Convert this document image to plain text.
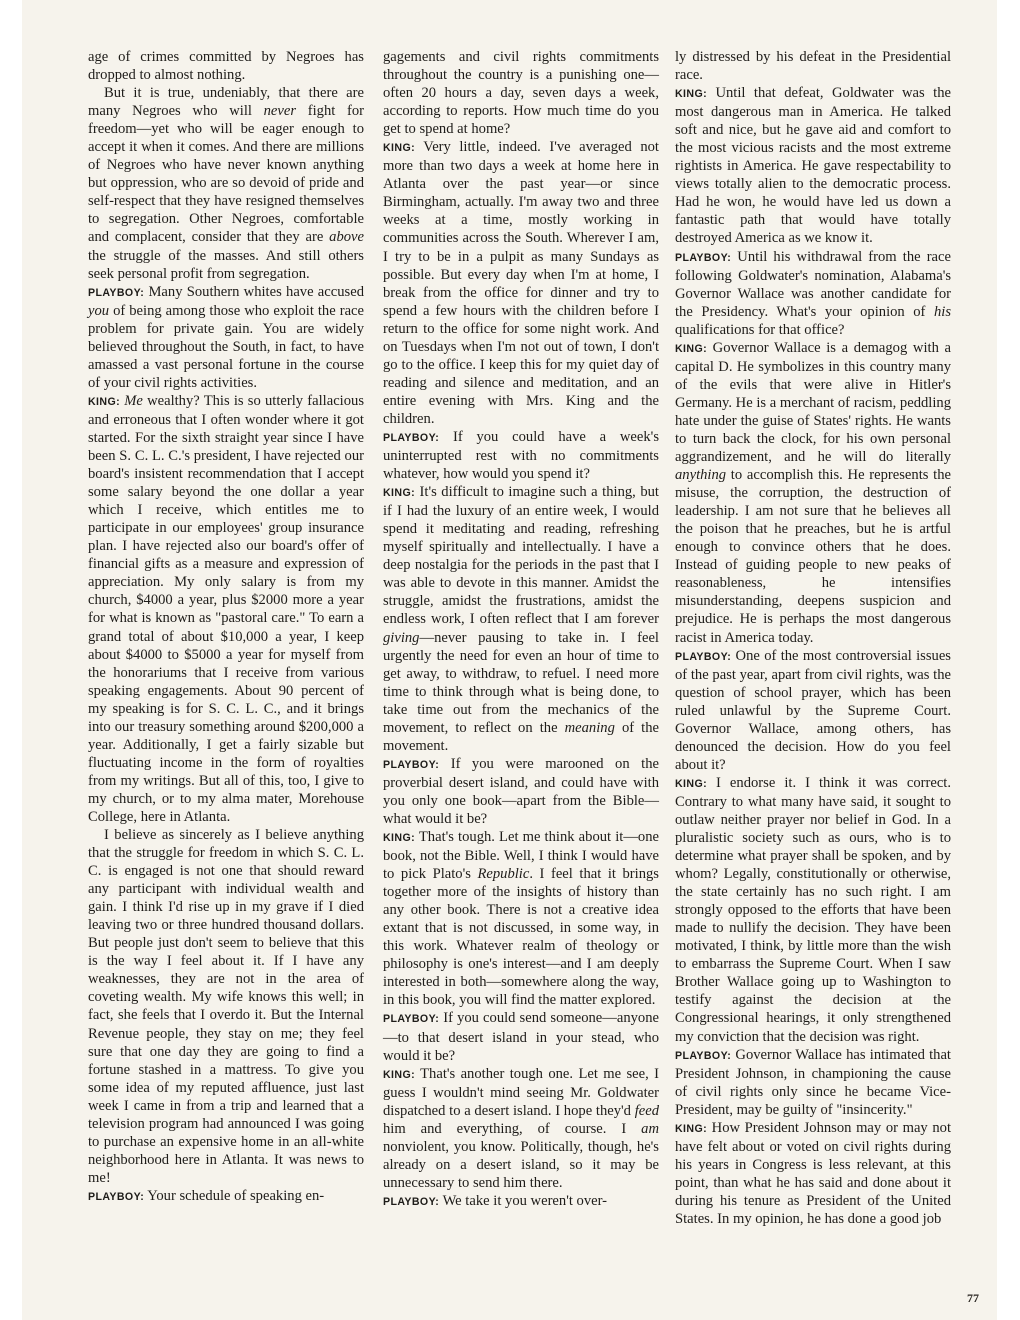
age of crimes committed by Negroes has dropped to almost nothing.

But it is true, undeniably, that there are many Negroes who will never fight for freedom—yet who will be eager enough to accept it when it comes. And there are millions of Negroes who have never known anything but oppression, who are so devoid of pride and self-respect that they have resigned themselves to segregation. Other Negroes, comfortable and complacent, consider that they are above the struggle of the masses. And still others seek personal profit from segregation.

PLAYBOY: Many Southern whites have accused you of being among those who exploit the race problem for private gain. You are widely believed throughout the South, in fact, to have amassed a vast personal fortune in the course of your civil rights activities.

KING: Me wealthy? This is so utterly fallacious and erroneous that I often wonder where it got started. For the sixth straight year since I have been S. C. L. C.'s president, I have rejected our board's insistent recommendation that I accept some salary beyond the one dollar a year which I receive, which entitles me to participate in our employees' group insurance plan. I have rejected also our board's offer of financial gifts as a measure and expression of appreciation. My only salary is from my church, $4000 a year, plus $2000 more a year for what is known as "pastoral care." To earn a grand total of about $10,000 a year, I keep about $4000 to $5000 a year for myself from the honorariums that I receive from various speaking engagements. About 90 percent of my speaking is for S. C. L. C., and it brings into our treasury something around $200,000 a year. Additionally, I get a fairly sizable but fluctuating income in the form of royalties from my writings. But all of this, too, I give to my church, or to my alma mater, Morehouse College, here in Atlanta.

I believe as sincerely as I believe anything that the struggle for freedom in which S. C. L. C. is engaged is not one that should reward any participant with individual wealth and gain. I think I'd rise up in my grave if I died leaving two or three hundred thousand dollars. But people just don't seem to believe that this is the way I feel about it. If I have any weaknesses, they are not in the area of coveting wealth. My wife knows this well; in fact, she feels that I overdo it. But the Internal Revenue people, they stay on me; they feel sure that one day they are going to find a fortune stashed in a mattress. To give you some idea of my reputed affluence, just last week I came in from a trip and learned that a television program had announced I was going to purchase an expensive home in an all-white neighborhood here in Atlanta. It was news to me!

PLAYBOY: Your schedule of speaking en-

gagements and civil rights commitments throughout the country is a punishing one—often 20 hours a day, seven days a week, according to reports. How much time do you get to spend at home?

KING: Very little, indeed. I've averaged not more than two days a week at home here in Atlanta over the past year—or since Birmingham, actually. I'm away two and three weeks at a time, mostly working in communities across the South. Wherever I am, I try to be in a pulpit as many Sundays as possible. But every day when I'm at home, I break from the office for dinner and try to spend a few hours with the children before I return to the office for some night work. And on Tuesdays when I'm not out of town, I don't go to the office. I keep this for my quiet day of reading and silence and meditation, and an entire evening with Mrs. King and the children.

PLAYBOY: If you could have a week's uninterrupted rest with no commitments whatever, how would you spend it?

KING: It's difficult to imagine such a thing, but if I had the luxury of an entire week, I would spend it meditating and reading, refreshing myself spiritually and intellectually. I have a deep nostalgia for the periods in the past that I was able to devote in this manner. Amidst the struggle, amidst the frustrations, amidst the endless work, I often reflect that I am forever giving—never pausing to take in. I feel urgently the need for even an hour of time to get away, to withdraw, to refuel. I need more time to think through what is being done, to take time out from the mechanics of the movement, to reflect on the meaning of the movement.

PLAYBOY: If you were marooned on the proverbial desert island, and could have with you only one book—apart from the Bible—what would it be?

KING: That's tough. Let me think about it—one book, not the Bible. Well, I think I would have to pick Plato's Republic. I feel that it brings together more of the insights of history than any other book. There is not a creative idea extant that is not discussed, in some way, in this work. Whatever realm of theology or philosophy is one's interest—and I am deeply interested in both—somewhere along the way, in this book, you will find the matter explored.

PLAYBOY: If you could send someone—anyone—to that desert island in your stead, who would it be?

KING: That's another tough one. Let me see, I guess I wouldn't mind seeing Mr. Goldwater dispatched to a desert island. I hope they'd feed him and everything, of course. I am nonviolent, you know. Politically, though, he's already on a desert island, so it may be unnecessary to send him there.

PLAYBOY: We take it you weren't over-

ly distressed by his defeat in the Presidential race.

KING: Until that defeat, Goldwater was the most dangerous man in America. He talked soft and nice, but he gave aid and comfort to the most vicious racists and the most extreme rightists in America. He gave respectability to views totally alien to the democratic process. Had he won, he would have led us down a fantastic path that would have totally destroyed America as we know it.

PLAYBOY: Until his withdrawal from the race following Goldwater's nomination, Alabama's Governor Wallace was another candidate for the Presidency. What's your opinion of his qualifications for that office?

KING: Governor Wallace is a demagog with a capital D. He symbolizes in this country many of the evils that were alive in Hitler's Germany. He is a merchant of racism, peddling hate under the guise of States' rights. He wants to turn back the clock, for his own personal aggrandizement, and he will do literally anything to accomplish this. He represents the misuse, the corruption, the destruction of leadership. I am not sure that he believes all the poison that he preaches, but he is artful enough to convince others that he does. Instead of guiding people to new peaks of reasonableness, he intensifies misunderstanding, deepens suspicion and prejudice. He is perhaps the most dangerous racist in America today.

PLAYBOY: One of the most controversial issues of the past year, apart from civil rights, was the question of school prayer, which has been ruled unlawful by the Supreme Court. Governor Wallace, among others, has denounced the decision. How do you feel about it?

KING: I endorse it. I think it was correct. Contrary to what many have said, it sought to outlaw neither prayer nor belief in God. In a pluralistic society such as ours, who is to determine what prayer shall be spoken, and by whom? Legally, constitutionally or otherwise, the state certainly has no such right. I am strongly opposed to the efforts that have been made to nullify the decision. They have been motivated, I think, by little more than the wish to embarrass the Supreme Court. When I saw Brother Wallace going up to Washington to testify against the decision at the Congressional hearings, it only strengthened my conviction that the decision was right.

PLAYBOY: Governor Wallace has intimated that President Johnson, in championing the cause of civil rights only since he became Vice-President, may be guilty of "insincerity."

KING: How President Johnson may or may not have felt about or voted on civil rights during his years in Congress is less relevant, at this point, than what he has said and done about it during his tenure as President of the United States. In my opinion, he has done a good job

77
